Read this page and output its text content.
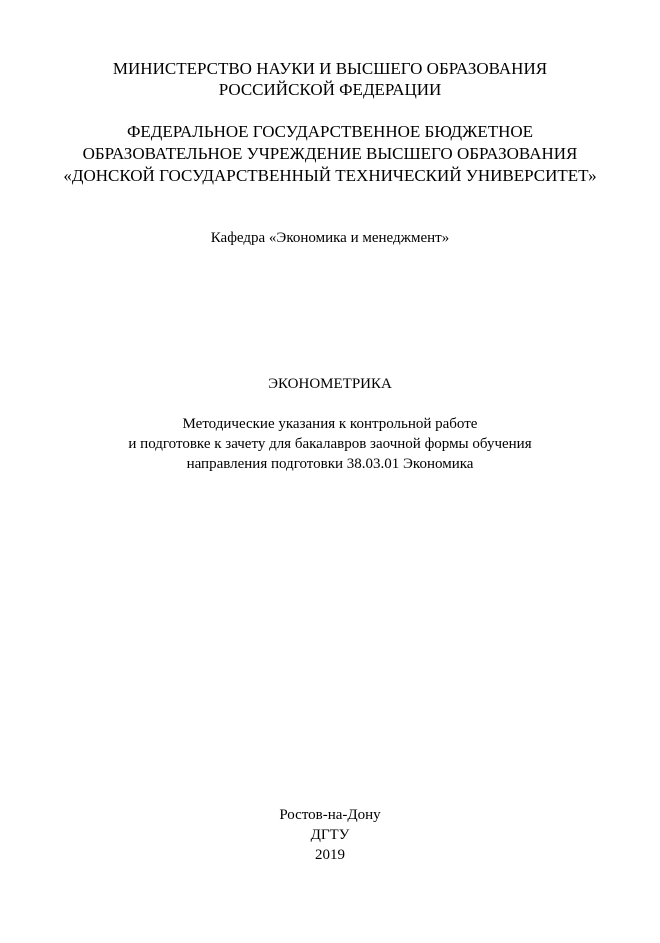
МИНИСТЕРСТВО НАУКИ И ВЫСШЕГО ОБРАЗОВАНИЯ
РОССИЙСКОЙ ФЕДЕРАЦИИ
ФЕДЕРАЛЬНОЕ ГОСУДАРСТВЕННОЕ БЮДЖЕТНОЕ
ОБРАЗОВАТЕЛЬНОЕ УЧРЕЖДЕНИЕ ВЫСШЕГО ОБРАЗОВАНИЯ
«ДОНСКОЙ ГОСУДАРСТВЕННЫЙ ТЕХНИЧЕСКИЙ УНИВЕРСИТЕТ»
Кафедра «Экономика и менеджмент»
ЭКОНОМЕТРИКА
Методические указания к контрольной работе
и подготовке к зачету для бакалавров заочной формы обучения
направления подготовки 38.03.01 Экономика
Ростов-на-Дону
ДГТУ
2019
